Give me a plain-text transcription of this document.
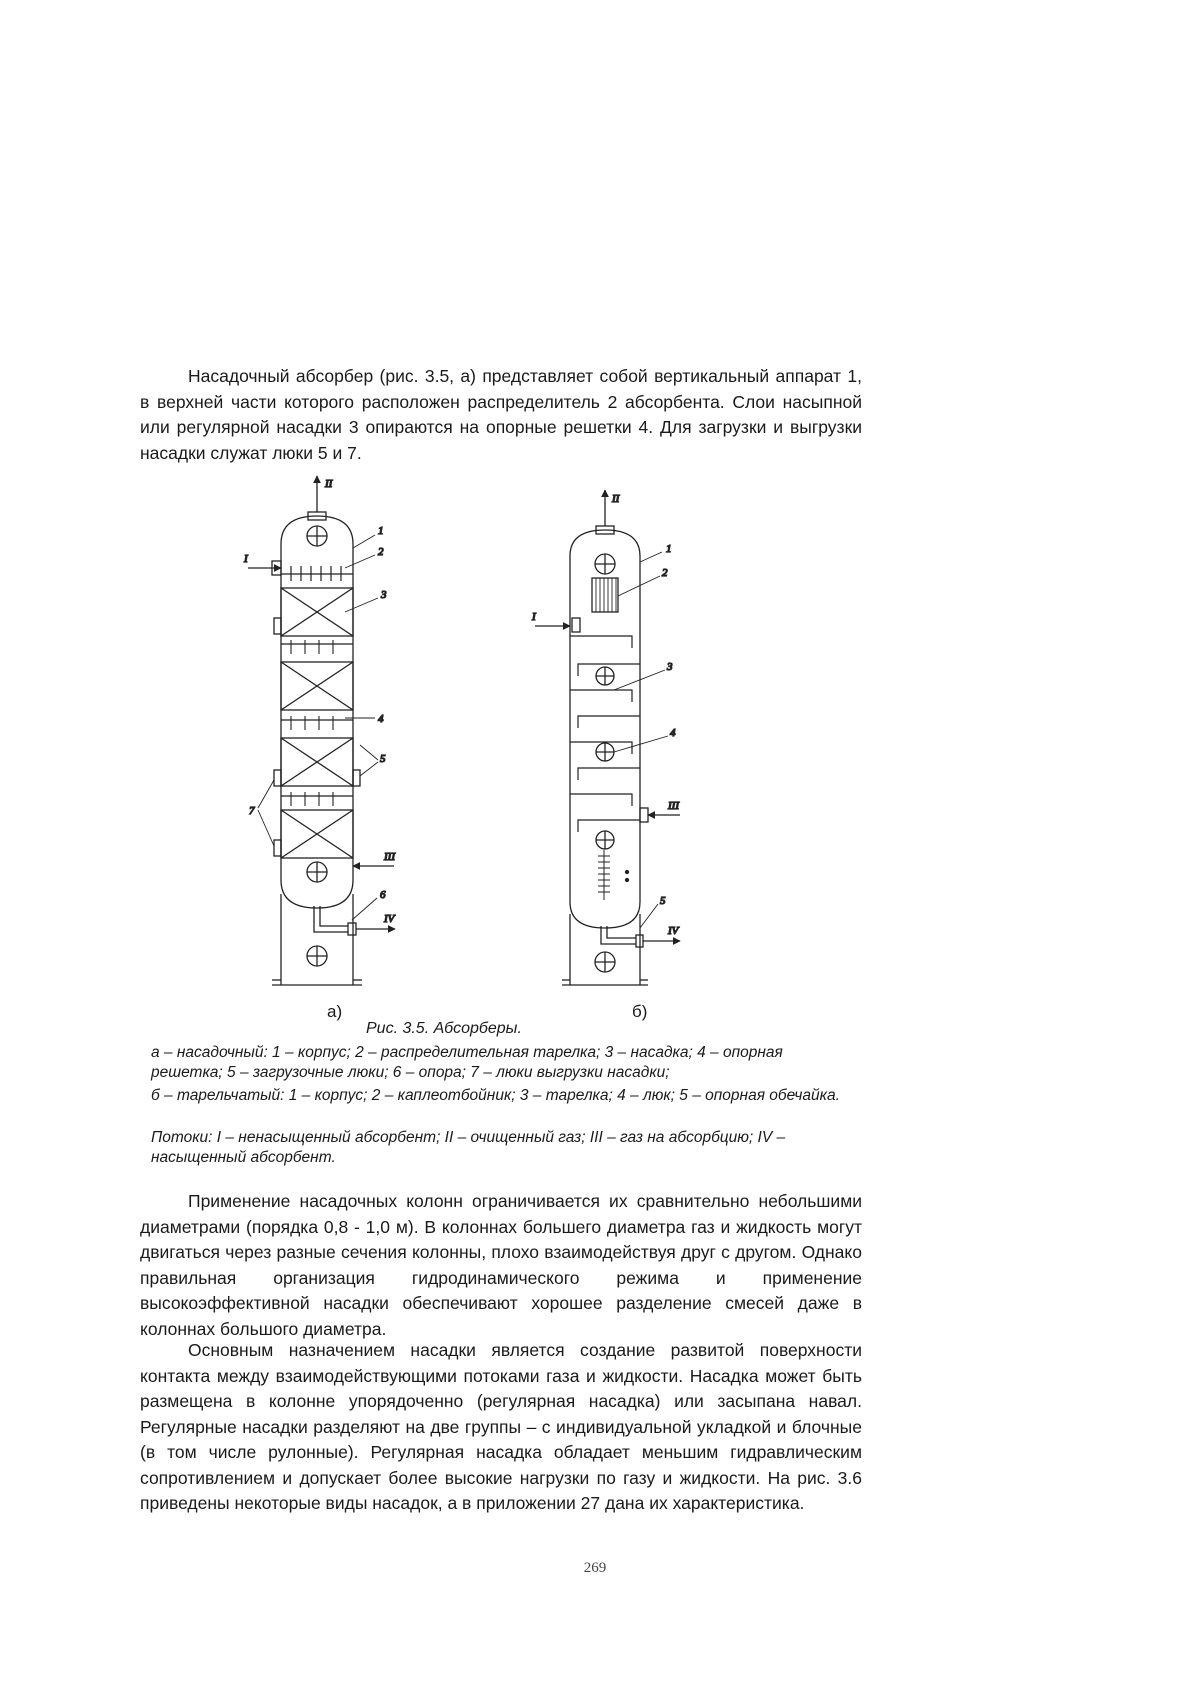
Насадочный абсорбер (рис. 3.5, а) представляет собой вертикальный аппарат 1, в верхней части которого расположен распределитель 2 абсорбента. Слои насыпной или регулярной насадки 3 опираются на опорные решетки 4. Для загрузки и выгрузки насадки служат люки 5 и 7.

II
I
1
2
3
4
5
7
III
6
IV
II
I
1
2
3
4
III
5
IV
а)	б)
Рис. 3.5. Абсорберы.

а – насадочный: 1 – корпус; 2 – распределительная тарелка; 3 – насадка; 4 – опорная решетка; 5 – загрузочные люки; 6 – опора; 7 – люки выгрузки насадки;

б – тарельчатый: 1 – корпус; 2 – каплеотбойник; 3 – тарелка; 4 – люк; 5 – опорная обечайка.

Потоки: I – ненасыщенный абсорбент; II – очищенный газ; III – газ на абсорбцию; IV – насыщенный абсорбент.

Применение насадочных колонн ограничивается их сравнительно небольшими диаметрами (порядка 0,8 - 1,0 м). В колоннах большего диаметра газ и жидкость могут двигаться через разные сечения колонны, плохо взаимодействуя друг с другом. Однако правильная организация гидродинамического режима и применение высокоэффективной насадки обеспечивают хорошее разделение смесей даже в колоннах большого диаметра.

Основным назначением насадки является создание развитой поверхности контакта между взаимодействующими потоками газа и жидкости. Насадка может быть размещена в колонне упорядоченно (регулярная насадка) или засыпана навал. Регулярные насадки разделяют на две группы – с индивидуальной укладкой и блочные (в том числе рулонные). Регулярная насадка обладает меньшим гидравлическим сопротивлением и допускает более высокие нагрузки по газу и жидкости. На рис. 3.6 приведены некоторые виды насадок, а в приложении 27 дана их характеристика.

269
